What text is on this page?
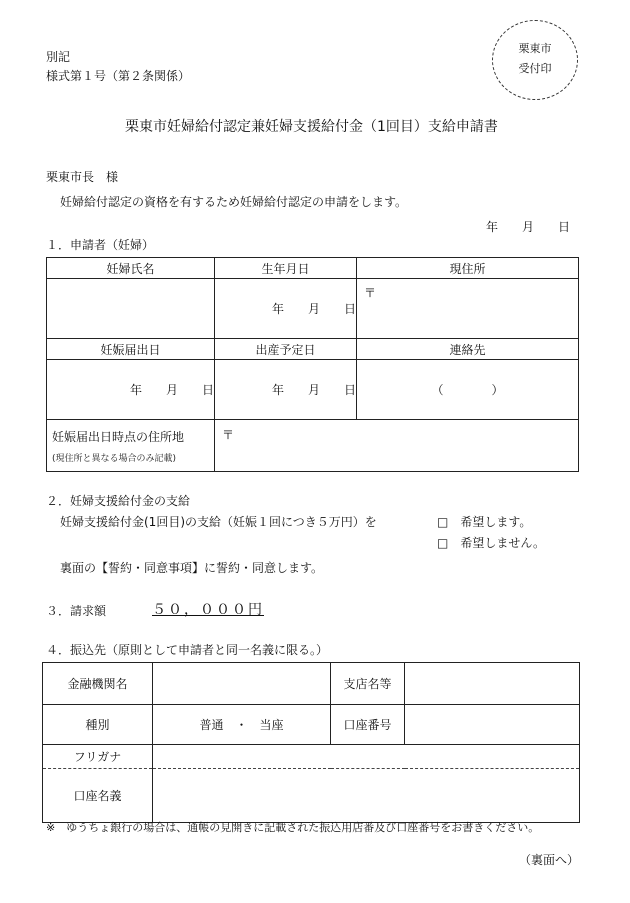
別記
様式第１号（第２条関係）
栗東市
受付印
栗東市妊婦給付認定兼妊婦支援給付金（1回目）支給申請書
栗東市長　様
妊婦給付認定の資格を有するため妊婦給付認定の申請をします。
年　　月　　日
１．申請者（妊婦）
妊婦氏名	生年月日	現住所
	年　　月　　日	〒
妊娠届出日	出産予定日	連絡先
年　　月　　日	年　　月　　日	（　　　　）
妊娠届出日時点の住所地
(現住所と異なる場合のみ記載)	〒	
２．妊婦支援給付金の支給
妊婦支援給付金(1回目)の支給（妊娠１回につき５万円）を	□　希望します。
□　希望しません。
裏面の【誓約・同意事項】に誓約・同意します。
３．請求額	５０，０００円
４．振込先（原則として申請者と同一名義に限る。）
金融機関名		支店名等	
種別	普通　・　当座	口座番号	
フリガナ			
口座名義			
※　ゆうちょ銀行の場合は、通帳の見開きに記載された振込用店番及び口座番号をお書きください。
（裏面へ）
